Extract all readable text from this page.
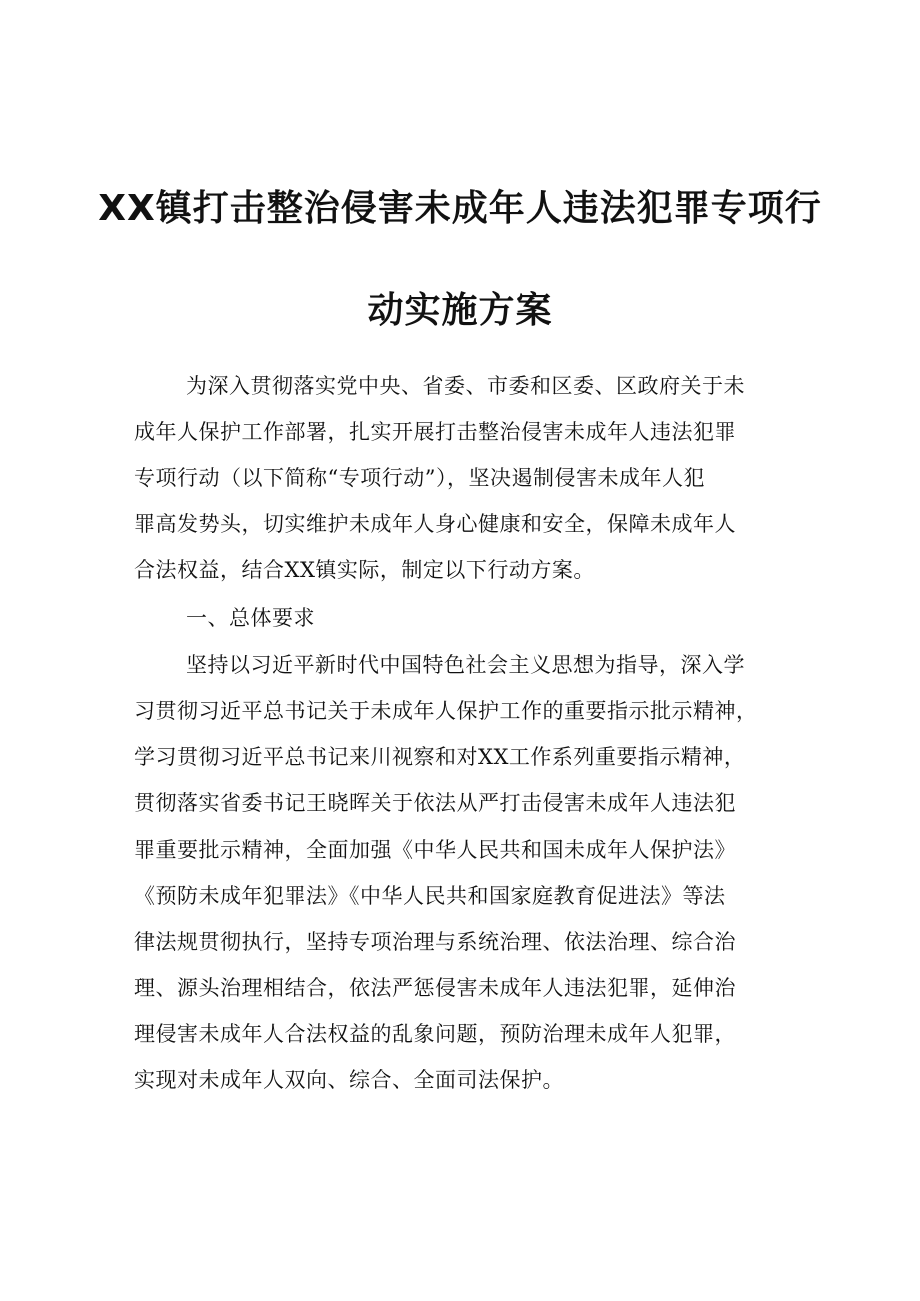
XX镇打击整治侵害未成年人违法犯罪专项行
动实施方案
为深入贯彻落实党中央、省委、市委和区委、区政府关于未
成年人保护工作部署，扎实开展打击整治侵害未成年人违法犯罪
专项行动（以下简称“专项行动”），坚决遏制侵害未成年人犯
罪高发势头，切实维护未成年人身心健康和安全，保障未成年人
合法权益，结合XX镇实际，制定以下行动方案。
一、总体要求
坚持以习近平新时代中国特色社会主义思想为指导，深入学
习贯彻习近平总书记关于未成年人保护工作的重要指示批示精神，
学习贯彻习近平总书记来川视察和对XX工作系列重要指示精神，
贯彻落实省委书记王晓晖关于依法从严打击侵害未成年人违法犯
罪重要批示精神，全面加强《中华人民共和国未成年人保护法》
《预防未成年犯罪法》《中华人民共和国家庭教育促进法》等法
律法规贯彻执行，坚持专项治理与系统治理、依法治理、综合治
理、源头治理相结合，依法严惩侵害未成年人违法犯罪，延伸治
理侵害未成年人合法权益的乱象问题，预防治理未成年人犯罪，
实现对未成年人双向、综合、全面司法保护。
